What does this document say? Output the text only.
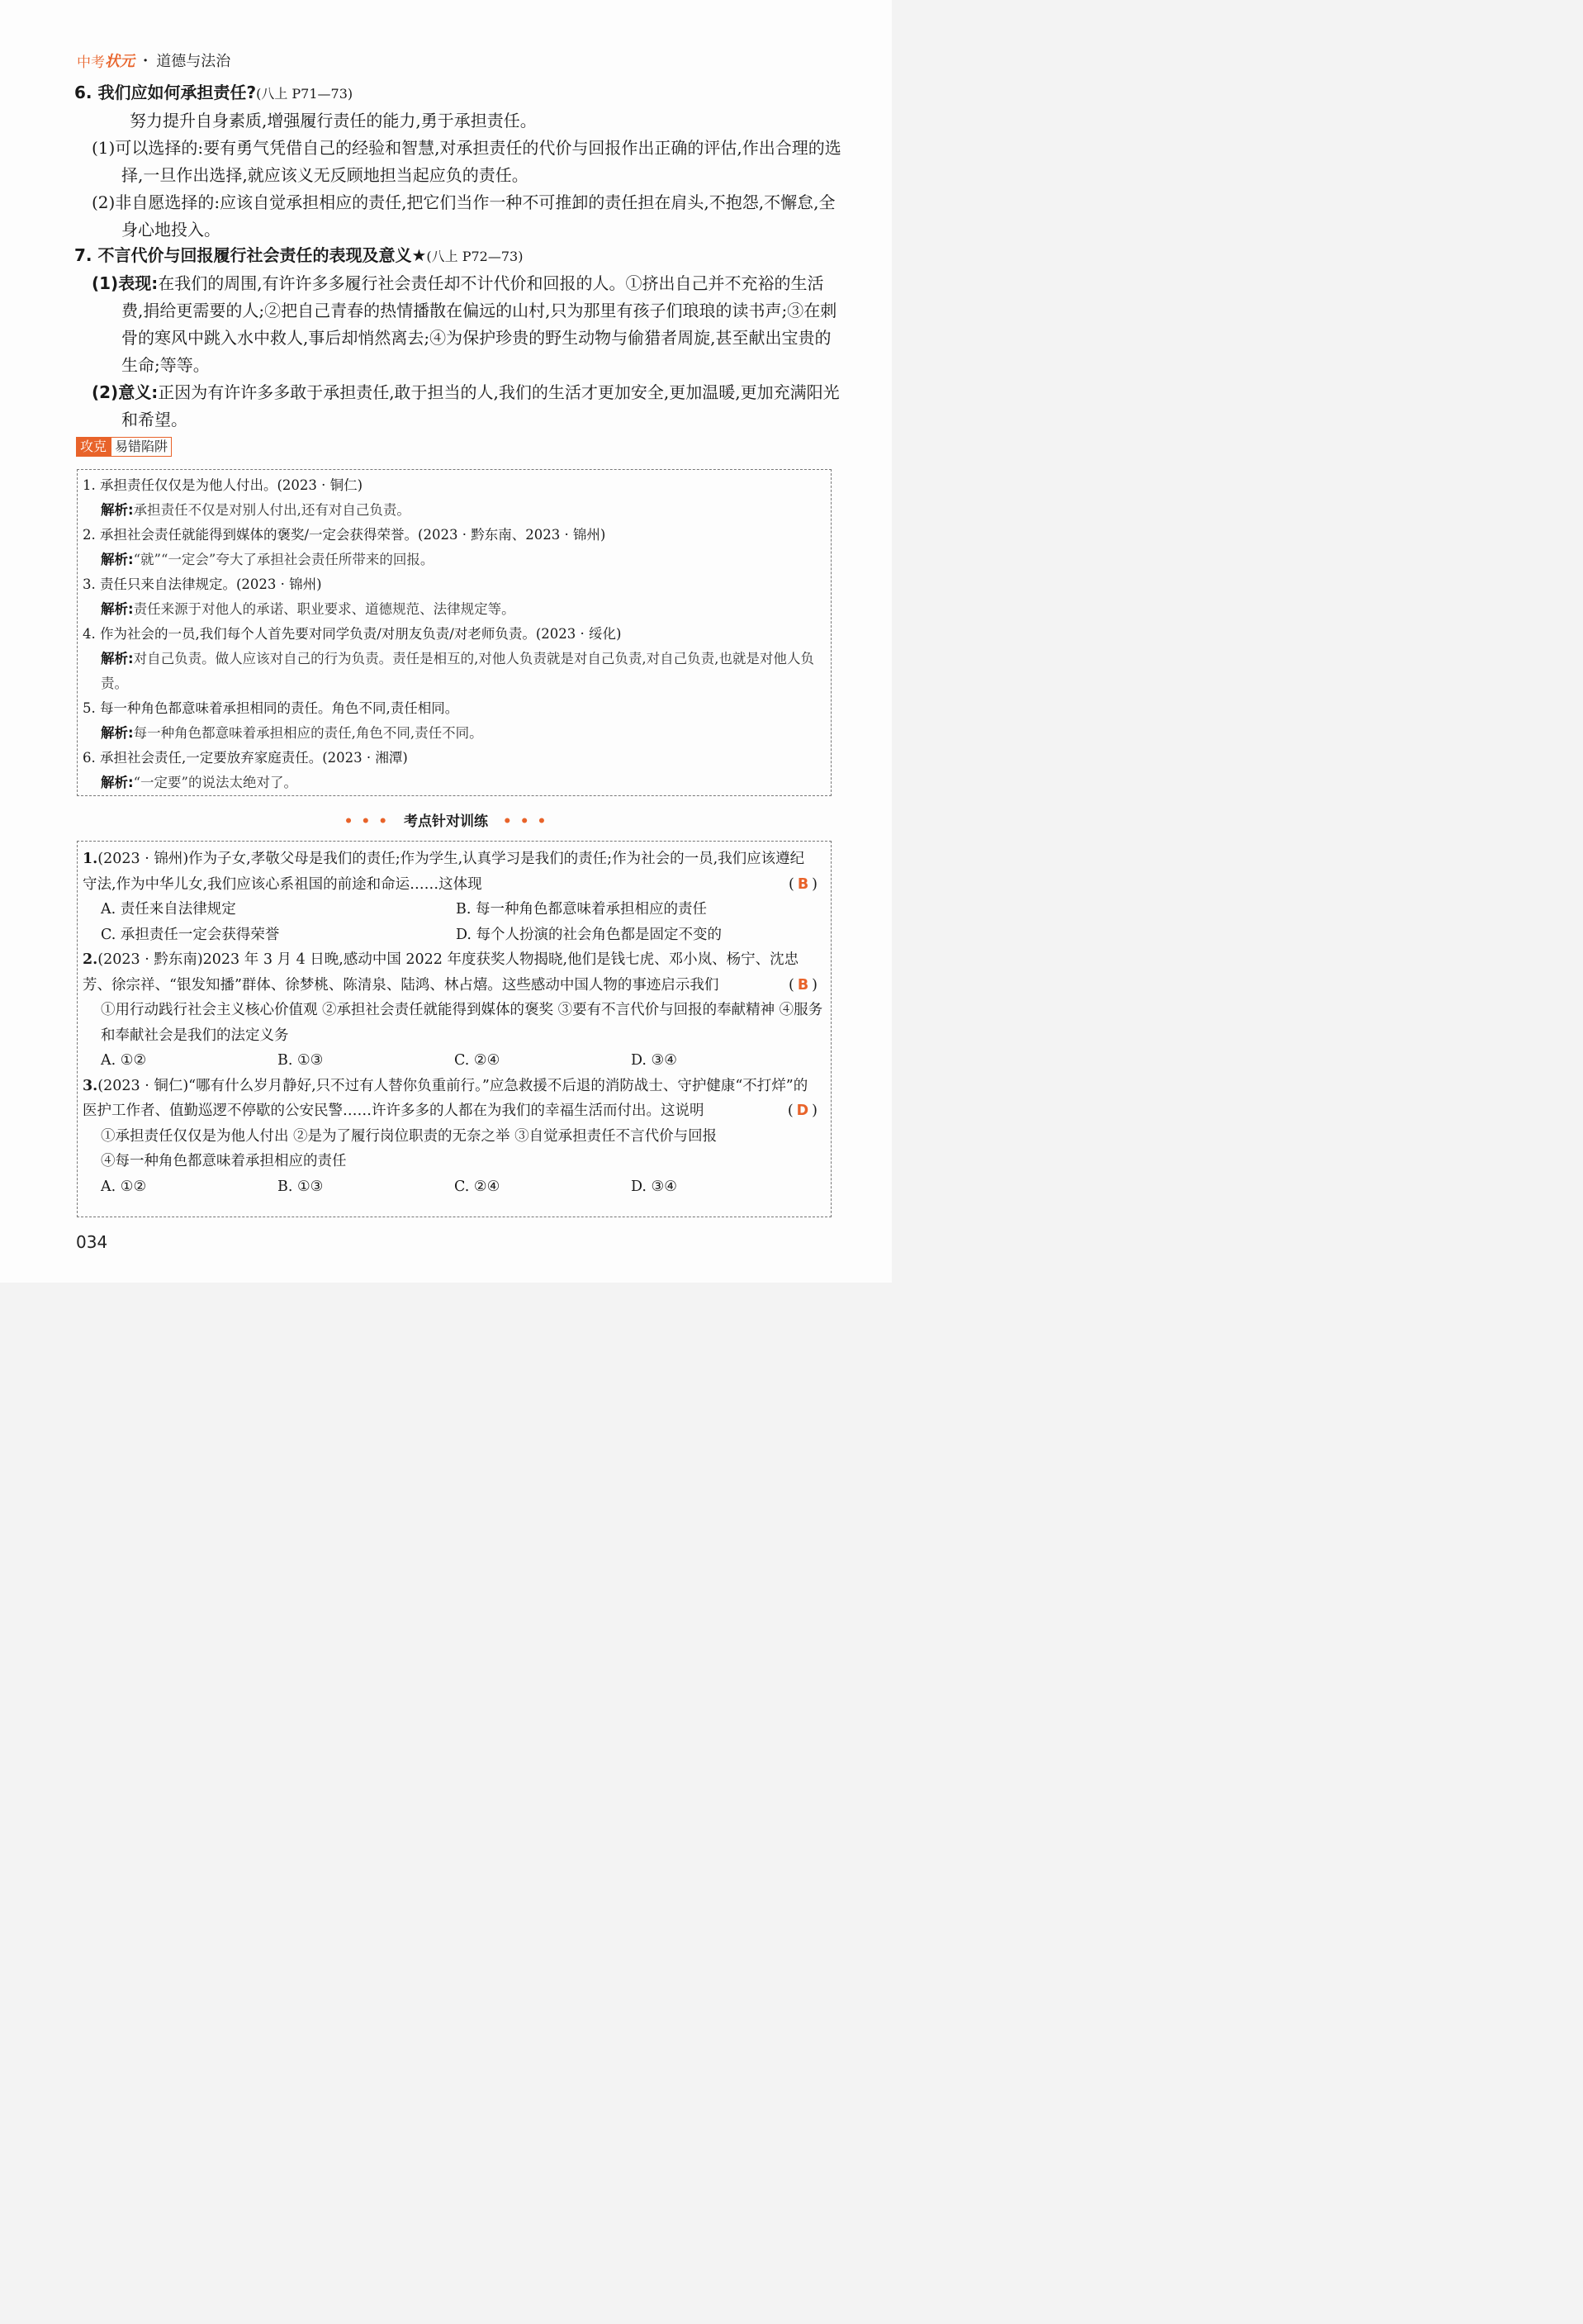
中考 状元 · 道德与法治
6. 我们应如何承担责任?(八上 P71—73)

努力提升自身素质,增强履行责任的能力,勇于承担责任。

(1)可以选择的:要有勇气凭借自己的经验和智慧,对承担责任的代价与回报作出正确的评估,作出合理的选择,一旦作出选择,就应该义无反顾地担当起应负的责任。

(2)非自愿选择的:应该自觉承担相应的责任,把它们当作一种不可推卸的责任担在肩头,不抱怨,不懈怠,全身心地投入。

7. 不言代价与回报履行社会责任的表现及意义★(八上 P72—73)

(1)表现:在我们的周围,有许许多多履行社会责任却不计代价和回报的人。①挤出自己并不充裕的生活费,捐给更需要的人;②把自己青春的热情播散在偏远的山村,只为那里有孩子们琅琅的读书声;③在刺骨的寒风中跳入水中救人,事后却悄然离去;④为保护珍贵的野生动物与偷猎者周旋,甚至献出宝贵的生命;等等。

(2)意义:正因为有许许多多敢于承担责任,敢于担当的人,我们的生活才更加安全,更加温暖,更加充满阳光和希望。

攻克 易错陷阱

1. 承担责任仅仅是为他人付出。(2023 · 铜仁)

解析:承担责任不仅是对别人付出,还有对自己负责。

2. 承担社会责任就能得到媒体的褒奖/一定会获得荣誉。(2023 · 黔东南、2023 · 锦州)

解析:“就”“一定会”夸大了承担社会责任所带来的回报。

3. 责任只来自法律规定。(2023 · 锦州)

解析:责任来源于对他人的承诺、职业要求、道德规范、法律规定等。

4. 作为社会的一员,我们每个人首先要对同学负责/对朋友负责/对老师负责。(2023 · 绥化)

解析:对自己负责。做人应该对自己的行为负责。责任是相互的,对他人负责就是对自己负责,对自己负责,也就是对他人负责。

5. 每一种角色都意味着承担相同的责任。角色不同,责任相同。

解析:每一种角色都意味着承担相应的责任,角色不同,责任不同。

6. 承担社会责任,一定要放弃家庭责任。(2023 · 湘潭)

解析:“一定要”的说法太绝对了。

• • • 考点针对训练 • • •

1.(2023 · 锦州)作为子女,孝敬父母是我们的责任;作为学生,认真学习是我们的责任;作为社会的一员,我们应该遵纪守法,作为中华儿女,我们应该心系祖国的前途和命运……这体现	( B )

A. 责任来自法律规定	B. 每一种角色都意味着承担相应的责任
C. 承担责任一定会获得荣誉	D. 每个人扮演的社会角色都是固定不变的

2.(2023 · 黔东南)2023 年 3 月 4 日晚,感动中国 2022 年度获奖人物揭晓,他们是钱七虎、邓小岚、杨宁、沈忠芳、徐宗祥、“银发知播”群体、徐梦桃、陈清泉、陆鸿、林占熺。这些感动中国人物的事迹启示我们	( B )

①用行动践行社会主义核心价值观 ②承担社会责任就能得到媒体的褒奖 ③要有不言代价与回报的奉献精神 ④服务和奉献社会是我们的法定义务

A. ①②	B. ①③	C. ②④	D. ③④

3.(2023 · 铜仁)“哪有什么岁月静好,只不过有人替你负重前行。”应急救援不后退的消防战士、守护健康“不打烊”的医护工作者、值勤巡逻不停歇的公安民警……许许多多的人都在为我们的幸福生活而付出。这说明	( D )

①承担责任仅仅是为他人付出 ②是为了履行岗位职责的无奈之举 ③自觉承担责任不言代价与回报

④每一种角色都意味着承担相应的责任

A. ①②	B. ①③	C. ②④	D. ③④
034
